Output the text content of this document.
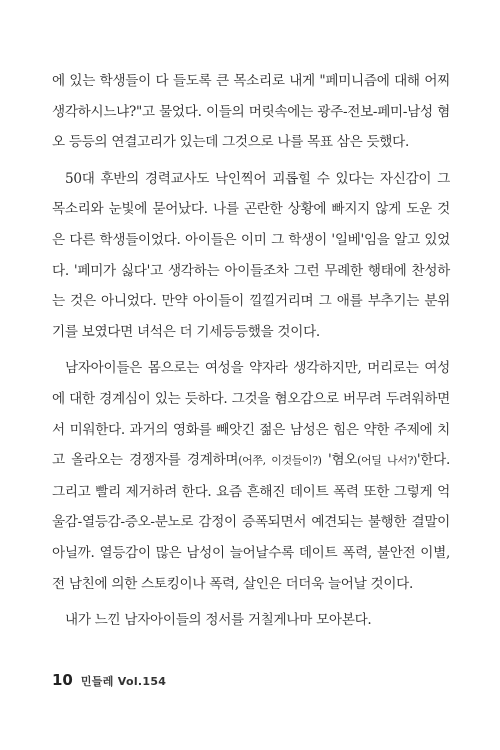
에 있는 학생들이 다 들도록 큰 목소리로 내게 "페미니즘에 대해 어찌 생각하시느냐?"고 물었다. 이들의 머릿속에는 광주-전보-페미-남성 혐오 등등의 연결고리가 있는데 그것으로 나를 목표 삼은 듯했다.

50대 후반의 경력교사도 낙인찍어 괴롭힐 수 있다는 자신감이 그 목소리와 눈빛에 묻어났다. 나를 곤란한 상황에 빠지지 않게 도운 것은 다른 학생들이었다. 아이들은 이미 그 학생이 '일베'임을 알고 있었다. '페미가 싫다'고 생각하는 아이들조차 그런 무례한 행태에 찬성하는 것은 아니었다. 만약 아이들이 낄낄거리며 그 애를 부추기는 분위기를 보였다면 녀석은 더 기세등등했을 것이다.

남자아이들은 몸으로는 여성을 약자라 생각하지만, 머리로는 여성에 대한 경계심이 있는 듯하다. 그것을 혐오감으로 버무려 두려워하면서 미워한다. 과거의 영화를 빼앗긴 젊은 남성은 힘은 약한 주제에 치고 올라오는 경쟁자를 경계하며(어쭈, 이것들이?) '혐오(어딜 나서?)'한다. 그리고 빨리 제거하려 한다. 요즘 흔해진 데이트 폭력 또한 그렇게 억울감-열등감-증오-분노로 감정이 증폭되면서 예견되는 불행한 결말이 아닐까. 열등감이 많은 남성이 늘어날수록 데이트 폭력, 불안전 이별, 전 남친에 의한 스토킹이나 폭력, 살인은 더더욱 늘어날 것이다.

내가 느낀 남자아이들의 정서를 거칠게나마 모아본다.

10 민들레 Vol.154
